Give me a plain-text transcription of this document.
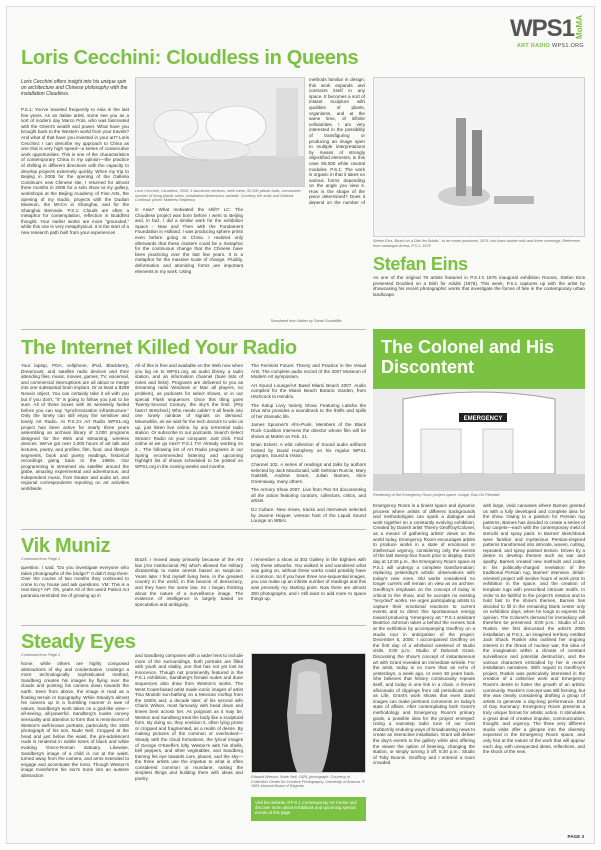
WPS1MoMA
ART RADIO WPS1.ORG
Loris Cecchini: Cloudless in Queens
Loris Cecchini offers insight into his unique spin on architecture and Chinese philosophy with the installation Cloudless.
P.S.1: You've traveled frequently to Asia in the last few years. As an Italian artist, some see you as a sort of modern day Marco Polo, who was fascinated with the Orient's wealth and power. What have you brought back to the Western world from your travels? And what of that have you invested in your art? Loris Cecchini: I can describe my approach to China as one that is very high speed—a series of consecutive work opportunities. This is one of the characteristics of contemporary China in my opinion—the practice of shifting in different directions with the capacity to develop projects extremely quickly. When my trip to Beijing in 2005 for the opening of the Galleria Continua's new Chinese site, I returned for almost three months in 2006 for a solo show at my gallery, workshops at the Beijing Academy of Fine Arts, the opening of my studio, projects with the Dudian Museum, the MACA in Shanghai, and for the Shanghai Biennale. P.S.1: Clouds are often a metaphor for contemplation, reflection in Buddhist thought. Your earlier works are more “grounded,” while this one is very metaphysical. It is the start of a new research path built from your experiences
Loris Cecchini, Cloudless, 2006. 5 aluminum sections, steel wires, 50,000 plastic balls, unmounted number of living plastic tubes, installation dimensions variable. Courtesy the artist and Galleria Continua; photo: Matthew Septimus
in Asia? What motivated the shift? LC: The Cloudless project was born before I went to Beijing and, in fact, I did a similar work for the exhibition Space - Now and Then with the Fundament Foundation in Holland. I was producing sphere prints even before going to China. I realized only afterwards that these clusters could be a metaphor for the continuous change that the Chinese have been practicing over the last few years. It is a metaphor for the massive scale of change. Fluidity, deformation and atomizing forms are important elements in my work. Using
methods familiar in design, this work expands and contracts itself in any space. It becomes a sort of instant sculpture with qualities of plants, organisms, and at the same time, of infinite cellularities. I am very interested in the possibility of transfiguring or producing an image open to multiple interpretations by means of strongly objectified elements, in this case 50,000 white neutral modules. P.S.1: The work is organic in that it takes on various forms depending on the angle you view it. How is the shape of the piece determined? Does it depend on the number of
Translated from Italian by Sarah Scandiffio
Stefan Eins, Brush on a Dish for Adults - to be made produced, 1976, two foam rubber rolls and three coverings. Reference from catalogue Arena, P.S.1, 1976
Stefan Eins
As one of the original 78 artists featured in P.S.1's 1976 inaugural exhibition Rooms, Stefan Eins presented Doubled on a Dish for Adults (1976). This week, P.S.1 captures up with the artist by showcasing his recent photographic works that investigate the forces of fate in the contemporary urban landscape.
The Internet Killed Your Radio
Your laptop, PDA, cellphone, iPod, Blackberry, Dreamcast, and satellite radio devices and their attending files, music, movies, games, TV, voicemail, and commercial interruptions are all about to merge into one substantial brain implant. Or at least a $299 Nexxin object. You can certainly take it all with you but if you don't, “it” is going to follow you just to be sure. All of these boxes with its wirelessly fueled before you can say “synchronization infrastructure.” Only the lonely can still enjoy the sensitive and lonely Art Radio. At P.S.1's Art Radio WPS1.org project has been active for nearly three years assembling an archival library of 3,000 programs designed for the Web and streaming, wireless devices. We've got over 2,000 hours of art talk and lectures, poetry, and profiles, film, food, and lifestyle segments, book and poetry readings, historical recordings going back to the 1960s. Our programming is streamed via satellite around the globe, amazing experimental and adventurous, and independent music, from theater and audio art, and regional correspondents reporting on art activities worldwide.
All of this is free and available on the Web now when you log on to WPS1.org, as audio library, a radio station, and an information channel (bare lists of notes and links). Programs are delivered to you as streaming radio Windows or Mac all players, no problem), as podcasts for select shows, or in our special Flash sequencer. Once this thing goes Twenty-Second Century, the sky's the limit. (Pity hasn't stretched.) Who needs cable? It all feeds into one lonely rainbow of signals on demand. Meanwhile, as we wait for the tech doctors to wire us up, just listen live online, by any terrestrial radio station. Or subscribe to our podcasts. Search Select Stream: Radio on your computer. Just click. Find online at we go next? P.S.1 TV! Already working on it... The following list of Art Radio programs is our Spring recommended listening and upcoming highlight list of shows scheduled to be posted on WPS1.org in the coming weeks and months.

The Feminist Future: Theory and Practice in the Visual Arts. The complete audio record of the 2007 Museum of Modern Art symposium.

Art Sound Lounge/Art Basel Miami Beach 2007. Audio compiled for the Miami Beach Botanic Garden, from Hitchcock to Hendrix.

The Kalup Livry Variety Show. Featuring Latisha the Diva who provides a soundtrack to the thrills and spills of her dramatic life.

James Spooner's Afro-Punk. Members of the Black Rock Coalition interview the director whose film will be shown at MoMA on Feb. 21.

Brian Eckert. A wild collection of Sound audio artifacts hosted by David Humphrey on his regular WPS1 program, Sound & Vision.

Channel 102. A series of readings and talks by authors selected by Jack Macdonald, with Seltman Runcie, Mary Gaitskill, Andrew Sears, Julian Barnes, Alice Greenaway, many others.

The Armory Show 2007. Live from Pier 94 documenting all the action featuring curators, collectors, critics, and artists.

DJ Culture. New mixes, tracks and interviews selected by Jeanne Hopper, veteran host of the Liquid Sound Lounge on WBAI.

Vik Muniz
Continued from Page 1
question. I said, “Do you investigate everyone who takes photographs of the bridge?” It didn't stop there. Over the course of two months they continued to come to my house and ask questions. VM: This is a real story? AP: Oh, yeah! All of this weird Patriot Act paranoia reminded me of growing up in
Brazil. I moved away primarily because of the AI5 law (Ato Institucional #5) which allowed the military dictatorship to make arrests based on suspicion. Years later I find myself living here, in the greatest country in the world, in this beacon of democracy, and they have the same law. So I began thinking about the nature of a surveillance image. The evidence of intelligence is largely based on speculation and ambiguity.
I remember a show at 303 Gallery in the Eighties with only these artworks. You walked in and wondered what was going on, without these works could possibly have in common. So if you have three non-sequential images, you can make up an infinite number of readings and this was precisely my starting point. Now there are almost 300 photographs, and I still want to add more to space things up.
Steady Eyes
Continued from Page 1
home, while others are highly composed abstractions of sky and condensation. Undergo a more technologically sophisticated method, Sandberg creates his images by flying over the clouds and pointing his camera down towards the earth. Seen from above, the image is read as a floating terrain or topography. While Steady's almost his camera up in a humbling manner in awe of nature, Sandberg's work takes on a god-like view—all-seeing, all-powerful. Sandberg's nudes convey sensuality and attention to form that is reminiscent of Weston's well-known portraits, particularly the 1926 photograph of his son, Nude Neil. Cropped at the head and just below the waist, the pre-adolescent nude is rendered in subtle tones of black and white evoking Greco-Roman statuary. Likewise, Sandberg's image of a child is cut at the waist, turned away from the camera, and arms extended to engage and accentuate the torso. Though Weston's image transforms his son's trunk into an austere abstraction
and Sandberg composes with a wider lens to include more of the surroundings, both portraits are filled with youth and vitality, one that has not yet lost its innocence. Though not prominently featured in the P.S.1 exhibition, Sandberg's female nudes and dune sequences also draw from Weston's works. The West Coast-based artist made iconic images of artist Tina Modotti sun-bathing on a Mexican rooftop from the 1920s and, a decade later, of his second wife Charis Wilson, most famously with head down and knees bent across her. As poignant as it may be, Weston and Sandberg treat the body like a sculptural form. By doing so, they envision it, often lying prone or cropped and fragmented, as a realm of desire. By making pictures of the common or overlooked—Steady with the cloud formations, the lyrical images of George O'Keeffe's lofty Weston's with his shells, bell peppers, and other vegetables, and Sandberg training his eye towards cars, planes, and the sky—the three artists use the impetus to what is often considered common or mundane, raising the simplest things and building them with ideas and poetry.	Edward Weston, Nude Neil, 1925, photograph. Courtesy of Collection Center for Creative Photography, University of Arizona. © 1981 Arizona Board of Regents
Visit the website of P.S.1 Contemporary Art Center and discover more about exhibitions and upcoming special events at this page.
The Colonel and His Discontent
EMERGENCY
Rendering of the Emergency Room project space. Image: Dan Gir Plesdale
Emergency Room is a tiniest space and dynamic process where artists of different backgrounds and methodologies can spark a dialogue and work together on a constantly evolving exhibition. Created by Danish artist Thierry Geoffroy/Colonel, as a means of gathering artists' views on the world today, Emergency Room encourages artists to produce works in a state of emotional or intellectual urgency, considering only the events of the last twenty-four hours prior to display. Each day at 12:30 p.m., the Emergency Room space at P.S.1 will undergo a complete transformation: replacing yesterday's artistic observations with today's new ones. Old works considered no longer current will remain on view as an archive. Geoffroy's emphasis on the concept of today is critical to the show, and he accepts no existing “recycled” works. He urges participating artists to capture their emotional reactions to current events and to direct this spontaneous energy toward producing “emergency art.” P.S.1 assistant Beatrice Johnson takes a behind the scenes look at the exhibition by accompanying Geoffroy on a studio tour in anticipation of the project. December 5, 2006: I accompanied Geoffroy on the first day of a whirlwind weekend of studio visits. 3:00 p.m.: Studio of Deborah Grant. Discussing the show's concept of instantaneous art with Grant revealed an immediate wrinkle. For the artist, today is no more than an echo of yesterdays, a week ago, or even 30 years back. She believes that history continuously repeats itself, and today is one link in a chain. A fervent aficionado of clippings from old periodicals such as Life, Grant's work shows that even dated images can make pertinent comments on today's state of affairs. After contemplating both Grant's methodology and Emergency Room's primary goals, a possible idea for the project emerged: Using a nanostep radio tone of our most stubbornly enduring ways of broadcasting news to create an interactive installation. Grant will deliver the day's events to the gallery while also offering the viewer the option of listening, changing the station, or simply turning it off. 5:30 p.m.: Studio of Toby Buonis. Geoffroy and I entered a room crowded
with large, vivid canvases where Barnes greeted us with a fully developed and complete idea for the show. Owing to a passion for Persian rug patterns, Barnes has decided to create a series of four carpets—each with the contemporary meld of stencils and spray paint. In Barnes' sketchbook were familiar and mysterious Persian-inspired patterns transformed into intricate, woven, cutting, repeated, and spray painted texture. Driven by a desire to develop themes such as war and apathy. Barnes created new methods and codes in his politically-charged revelation of the traditional Persian rug. Barnes' intensive, detail-oriented project will involve hours of work prior to exhibition in the space, and the creation of template rugs with prescribed intricate motifs. In order to be faithful to the project's mission and to hold fast to the show's themes, Barnes has decided to fill in the remaining blank center only on exhibition days, when he longs to express his opinion. The Colonel's demand for immediacy will therefore be preserved. 8:00 p.m.: Studio of Lin Ruskin. We first discussed the artist's 2006 installation at P.S.1, an imagined territory entitled Jack Shack. Ruskin also outlined her ongoing interest in the threat of nuclear war, the idea of the imagination within a climate of constant surveillance and potential destruction, and the various characters embodied by her in recent installation narratives. With regard to Geoffroy's project, Ruskin was particularly interested in the creation of a collective work and Emergency Room's desire to foster the growth of an artistic community. Ruskin's concept was still forming, but she was clearly considering drafting a group of artists to generate a day-long performance. End of Day Summary: Emergency Room presents a truly unique format for artistic action. It stimulates a great deal of creative impulse, communication, thought, and urgency. The three very different studio visits offer a glimpse into the diversity expected in the Emergency Room space, and only hint at the nature of the work that will appear each day, with unexpected ideas, reflections, and the shock of the new.
PAGE 3
